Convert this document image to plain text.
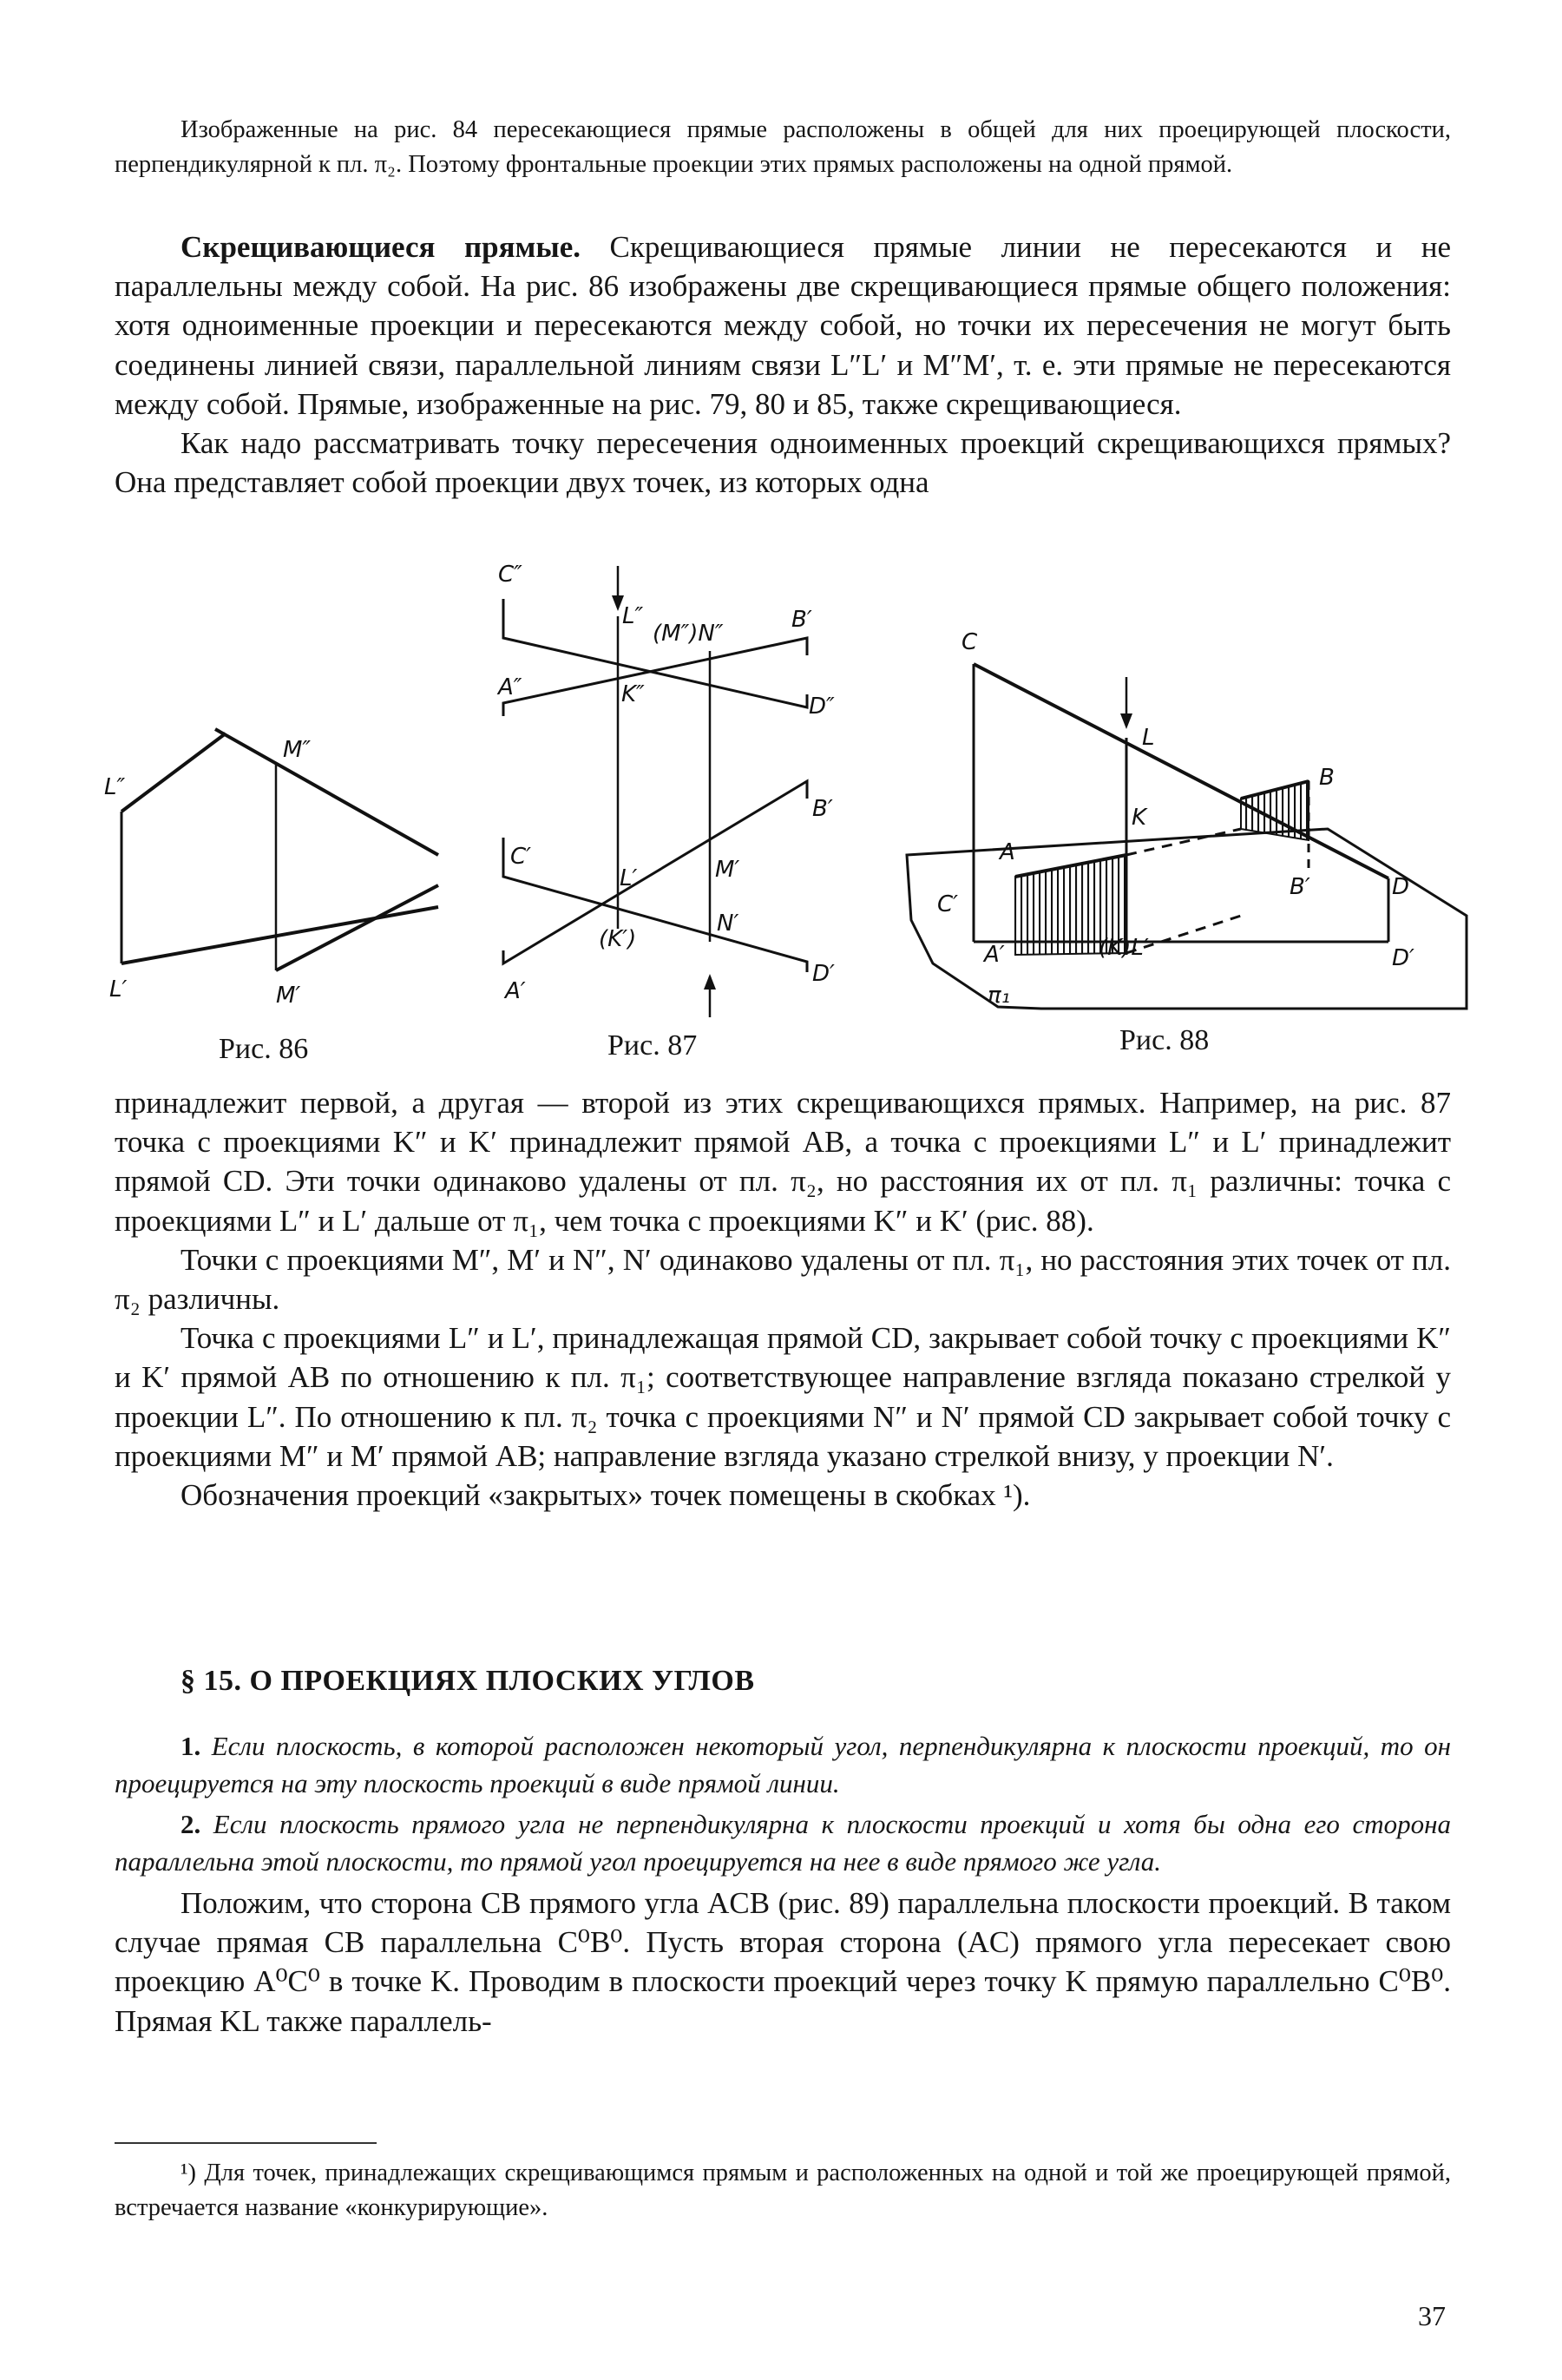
Изображенные на рис. 84 пересекающиеся прямые расположены в общей для них проецирующей плоскости, перпендикулярной к пл. π₂. Поэтому фронтальные проекции этих прямых расположены на одной прямой.

Скрещивающиеся прямые. Скрещивающиеся прямые линии не пересекаются и не параллельны между собой. На рис. 86 изображены две скрещивающиеся прямые общего положения: хотя одноименные проекции и пересекаются между собой, но точки их пересечения не могут быть соединены линией связи, параллельной линиям связи L″L′ и M″M′, т. е. эти прямые не пересекаются между собой. Прямые, изображенные на рис. 79, 80 и 85, также скрещивающиеся.

Как надо рассматривать точку пересечения одноименных проекций скрещивающихся прямых? Она представляет собой проекции двух точек, из которых одна

L″
M″
L′	M′
C″
L″
(M″)N″
B′
A″	K″	D″
B′
C′
L′	M′
(K′)
N′
A′
D′
C
L
B
K
A
D
C′
B′
A′	(K)L′	D′
π₁
Рис. 86	Рис. 87	Рис. 88

принадлежит первой, а другая — второй из этих скрещивающихся прямых. Например, на рис. 87 точка с проекциями K″ и K′ принадлежит прямой AB, а точка с проекциями L″ и L′ принадлежит прямой CD. Эти точки одинаково удалены от пл. π₂, но расстояния их от пл. π₁ различны: точка с проекциями L″ и L′ дальше от π₁, чем точка с проекциями K″ и K′ (рис. 88).

Точки с проекциями M″, M′ и N″, N′ одинаково удалены от пл. π₁, но расстояния этих точек от пл. π₂ различны.

Точка с проекциями L″ и L′, принадлежащая прямой CD, закрывает собой точку с проекциями K″ и K′ прямой AB по отношению к пл. π₁; соответствующее направление взгляда показано стрелкой у проекции L″. По отношению к пл. π₂ точка с проекциями N″ и N′ прямой CD закрывает собой точку с проекциями M″ и M′ прямой AB; направление взгляда указано стрелкой внизу, у проекции N′.

Обозначения проекций «закрытых» точек помещены в скобках ¹).

§ 15. О ПРОЕКЦИЯХ ПЛОСКИХ УГЛОВ

1. Если плоскость, в которой расположен некоторый угол, перпендикулярна к плоскости проекций, то он проецируется на эту плоскость проекций в виде прямой линии.

2. Если плоскость прямого угла не перпендикулярна к плоскости проекций и хотя бы одна его сторона параллельна этой плоскости, то прямой угол проецируется на нее в виде прямого же угла.

Положим, что сторона CB прямого угла ACB (рис. 89) параллельна плоскости проекций. В таком случае прямая CB параллельна C⁰B⁰. Пусть вторая сторона (AC) прямого угла пересекает свою проекцию A⁰C⁰ в точке K. Проводим в плоскости проекций через точку K прямую параллельно C⁰B⁰. Прямая KL также параллель-

¹) Для точек, принадлежащих скрещивающимся прямым и расположенных на одной и той же проецирующей прямой, встречается название «конкурирующие».

37
